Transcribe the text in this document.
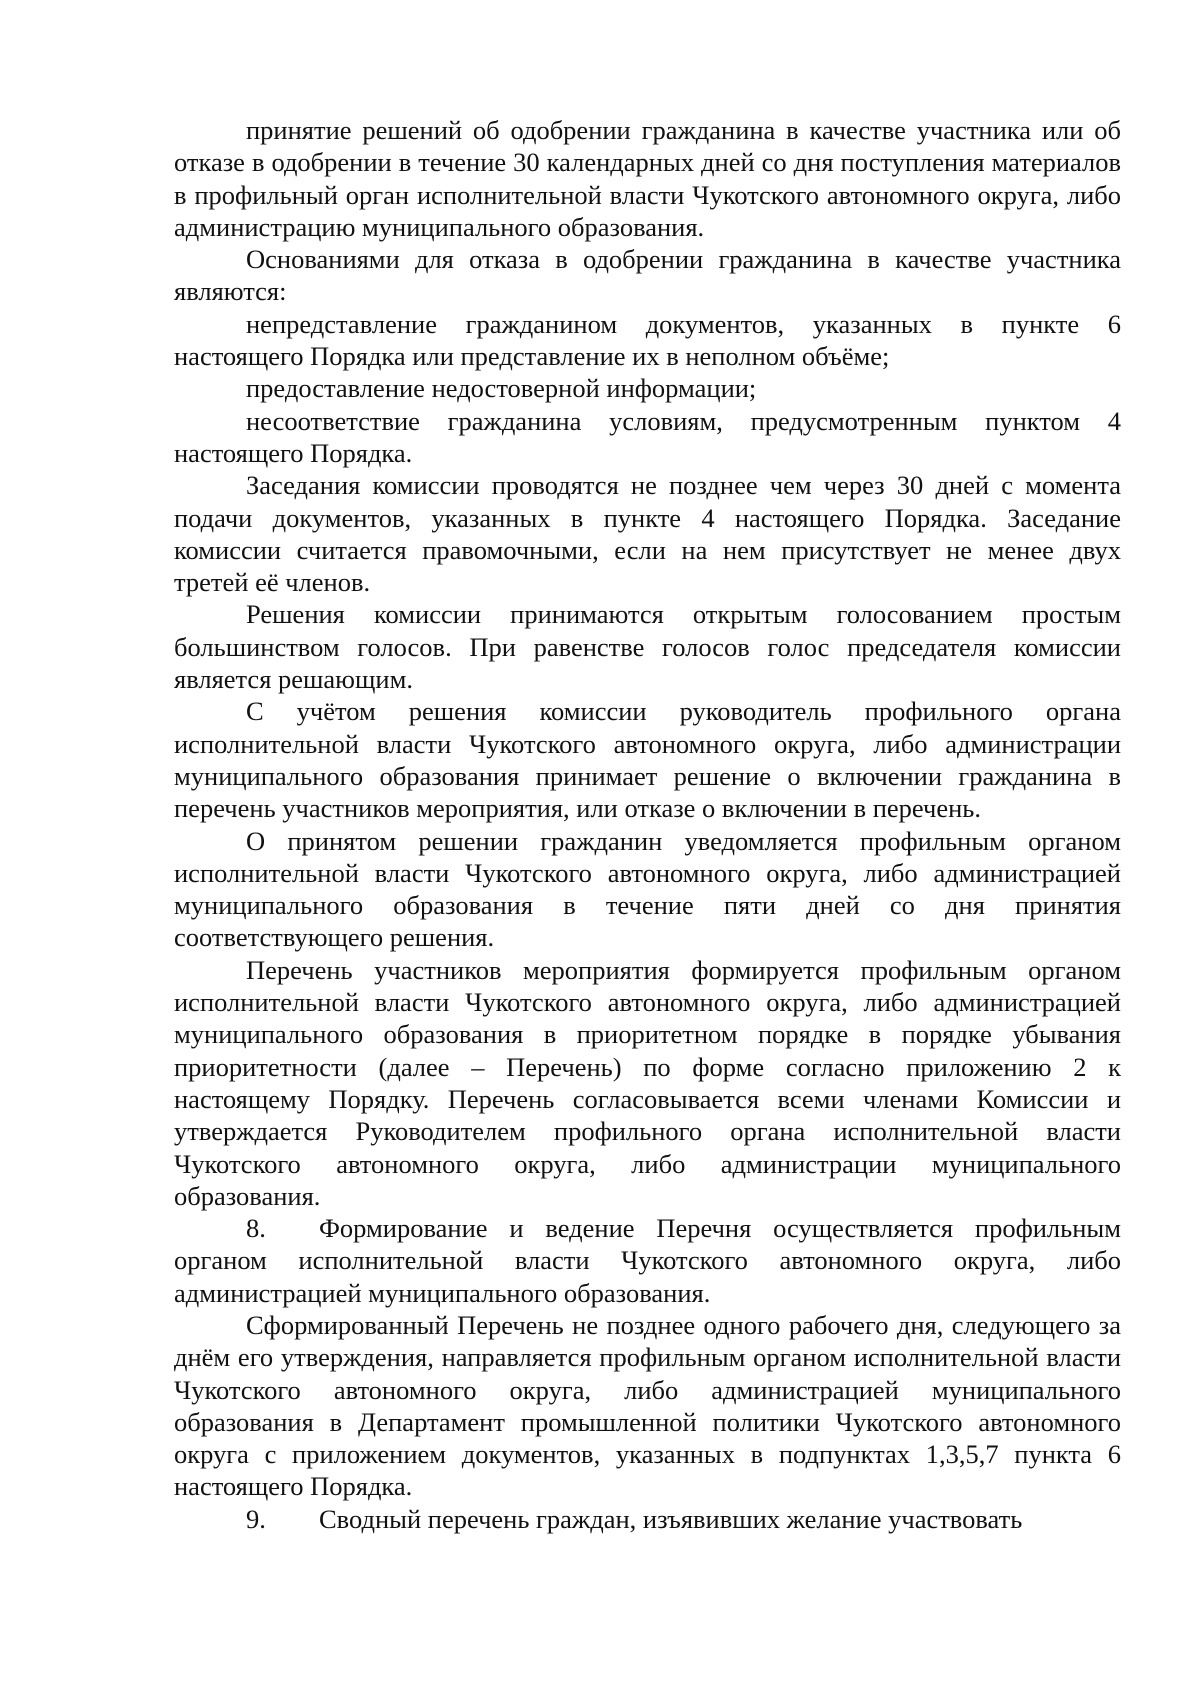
принятие решений об одобрении гражданина в качестве участника или об отказе в одобрении в течение 30 календарных дней со дня поступления материалов в профильный орган исполнительной власти Чукотского автономного округа, либо администрацию муниципального образования.

Основаниями для отказа в одобрении гражданина в качестве участника являются:

непредставление гражданином документов, указанных в пункте 6 настоящего Порядка или представление их в неполном объёме;

предоставление недостоверной информации;

несоответствие гражданина условиям, предусмотренным пунктом 4 настоящего Порядка.

Заседания комиссии проводятся не позднее чем через 30 дней с момента подачи документов, указанных в пункте 4 настоящего Порядка. Заседание комиссии считается правомочными, если на нем присутствует не менее двух третей её членов.

Решения комиссии принимаются открытым голосованием простым большинством голосов. При равенстве голосов голос председателя комиссии является решающим.

С учётом решения комиссии руководитель профильного органа исполнительной власти Чукотского автономного округа, либо администрации муниципального образования принимает решение о включении гражданина в перечень участников мероприятия, или отказе о включении в перечень.

О принятом решении гражданин уведомляется профильным органом исполнительной власти Чукотского автономного округа, либо администрацией муниципального образования в течение пяти дней со дня принятия соответствующего решения.

Перечень участников мероприятия формируется профильным органом исполнительной власти Чукотского автономного округа, либо администрацией муниципального образования в приоритетном порядке в порядке убывания приоритетности (далее – Перечень) по форме согласно приложению 2 к настоящему Порядку. Перечень согласовывается всеми членами Комиссии и утверждается Руководителем профильного органа исполнительной власти Чукотского автономного округа, либо администрации муниципального образования.

8. Формирование и ведение Перечня осуществляется профильным органом исполнительной власти Чукотского автономного округа, либо администрацией муниципального образования.

Сформированный Перечень не позднее одного рабочего дня, следующего за днём его утверждения, направляется профильным органом исполнительной власти Чукотского автономного округа, либо администрацией муниципального образования в Департамент промышленной политики Чукотского автономного округа с приложением документов, указанных в подпунктах 1,3,5,7 пункта 6 настоящего Порядка.

9. Сводный перечень граждан, изъявивших желание участвовать
